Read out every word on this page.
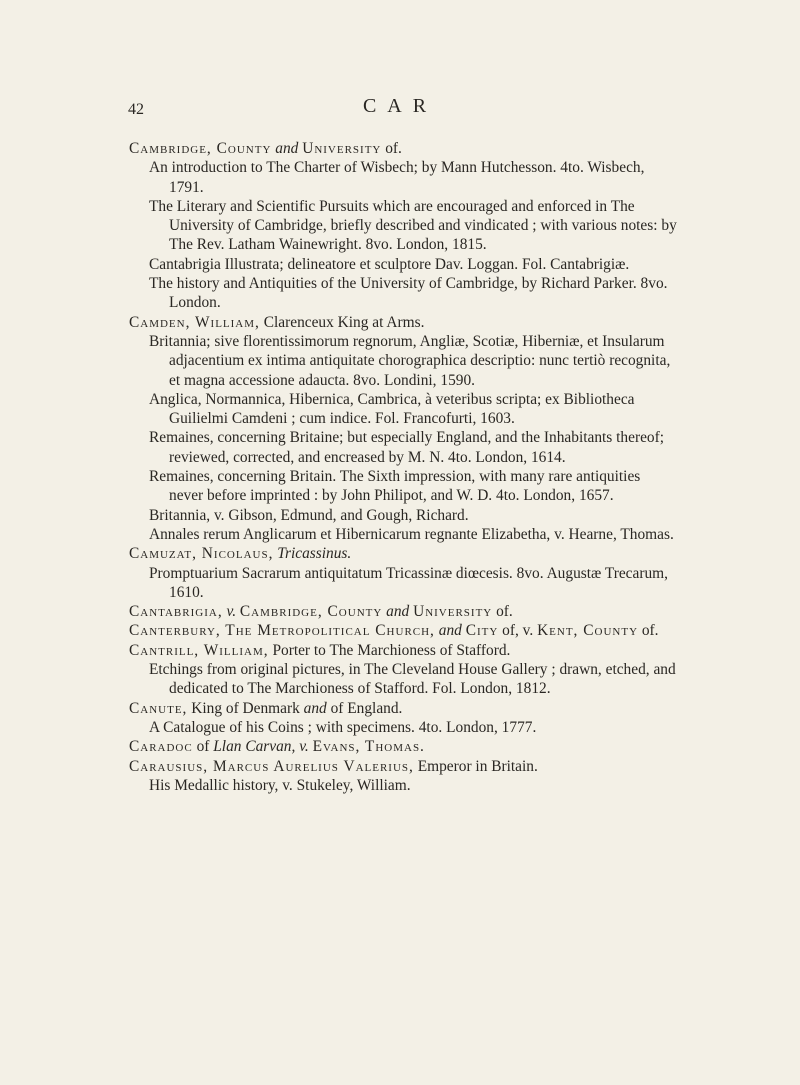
42	CAR
Cambridge, County and University of.
An introduction to The Charter of Wisbech; by Mann Hutchesson. 4to. Wisbech, 1791.
The Literary and Scientific Pursuits which are encouraged and enforced in The University of Cambridge, briefly described and vindicated ; with various notes: by The Rev. Latham Wainewright. 8vo. London, 1815.
Cantabrigia Illustrata; delineatore et sculptore Dav. Loggan. Fol. Cantabrigiæ.
The history and Antiquities of the University of Cambridge, by Richard Parker. 8vo. London.
Camden, William, Clarenceux King at Arms.
Britannia; sive florentissimorum regnorum, Angliæ, Scotiæ, Hiberniæ, et Insularum adjacentium ex intima antiquitate chorographica descriptio: nunc tertiò recognita, et magna accessione adaucta. 8vo. Londini, 1590.
Anglica, Normannica, Hibernica, Cambrica, à veteribus scripta; ex Bibliotheca Guilielmi Camdeni ; cum indice. Fol. Francofurti, 1603.
Remaines, concerning Britaine; but especially England, and the Inhabitants thereof; reviewed, corrected, and encreased by M. N. 4to. London, 1614.
Remaines, concerning Britain. The Sixth impression, with many rare antiquities never before imprinted : by John Philipot, and W. D. 4to. London, 1657.
Britannia, v. Gibson, Edmund, and Gough, Richard.
Annales rerum Anglicarum et Hibernicarum regnante Elizabetha, v. Hearne, Thomas.
Camuzat, Nicolaus, Tricassinus.
Promptuarium Sacrarum antiquitatum Tricassinæ diœcesis. 8vo. Augustæ Trecarum, 1610.
Cantabrigia, v. Cambridge, County and University of.
Canterbury, The Metropolitical Church, and City of, v. Kent, County of.
Cantrill, William, Porter to The Marchioness of Stafford.
Etchings from original pictures, in The Cleveland House Gallery ; drawn, etched, and dedicated to The Marchioness of Stafford. Fol. London, 1812.
Canute, King of Denmark and of England.
A Catalogue of his Coins ; with specimens. 4to. London, 1777.
Caradoc of Llan Carvan, v. Evans, Thomas.
Carausius, Marcus Aurelius Valerius, Emperor in Britain.
His Medallic history, v. Stukeley, William.
